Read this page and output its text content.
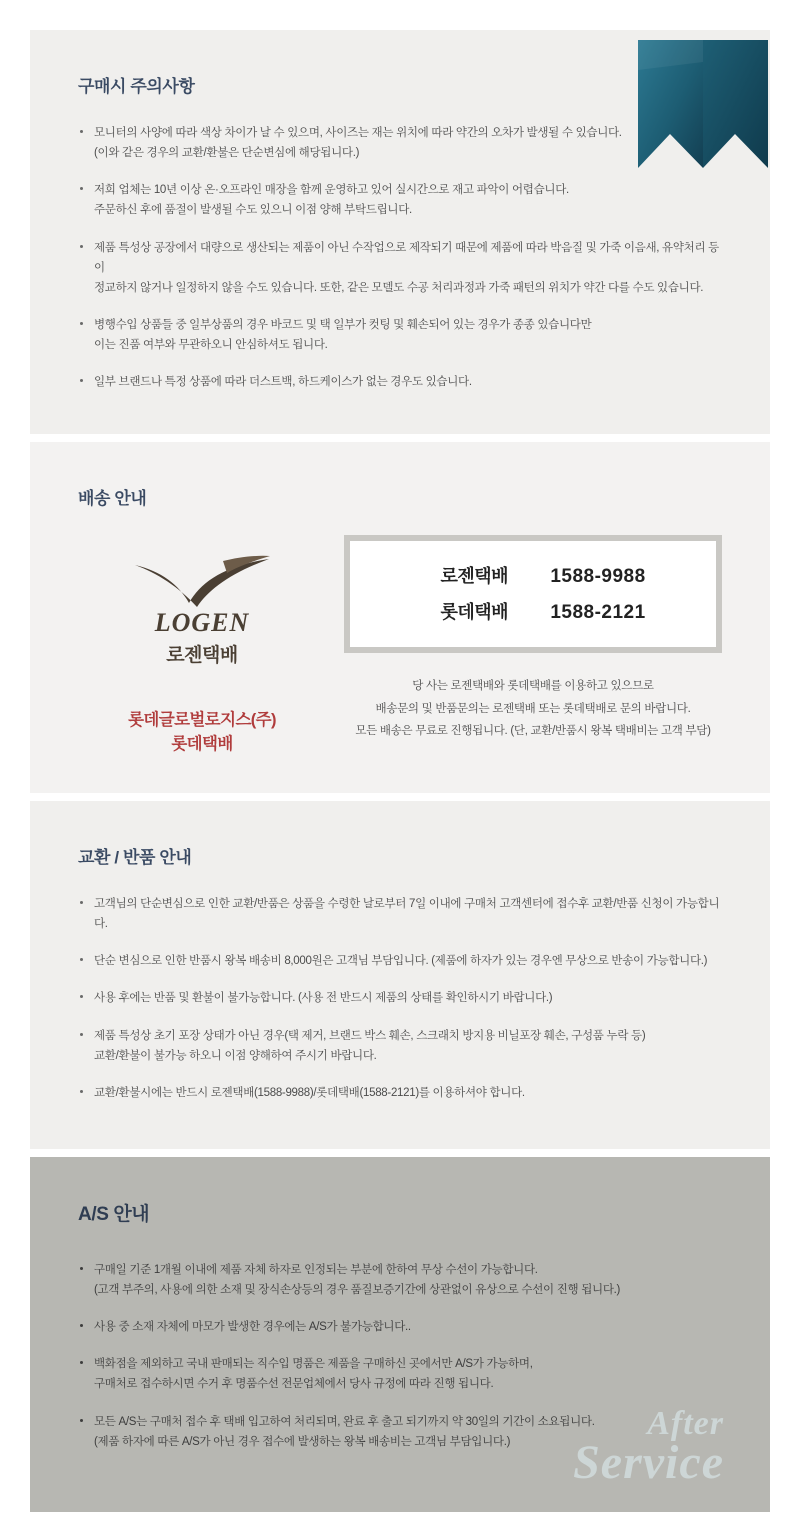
구매시 주의사항
모니터의 사양에 따라 색상 차이가 날 수 있으며, 사이즈는 재는 위치에 따라 약간의 오차가 발생될 수 있습니다.
(이와 같은 경우의 교환/환불은 단순변심에 해당됩니다.)
저희 업체는 10년 이상 온·오프라인 매장을 함께 운영하고 있어 실시간으로 재고 파악이 어렵습니다.
주문하신 후에 품절이 발생될 수도 있으니 이점 양해 부탁드립니다.
제품 특성상 공장에서 대량으로 생산되는 제품이 아닌 수작업으로 제작되기 때문에 제품에 따라 박음질 및 가죽 이음새, 유약처리 등이
정교하지 않거나 일정하지 않을 수도 있습니다. 또한, 같은 모델도 수공 처리과정과 가죽 패턴의 위치가 약간 다를 수도 있습니다.
병행수입 상품들 중 일부상품의 경우 바코드 및 택 일부가 컷팅 및 훼손되어 있는 경우가 종종 있습니다만
이는 진품 여부와 무관하오니 안심하셔도 됩니다.
일부 브랜드나 특정 상품에 따라 더스트백, 하드케이스가 없는 경우도 있습니다.
배송 안내
LOGEN
로젠택배
롯데글로벌로지스(주)
롯데택배
로젠택배	1588-9988
롯데택배	1588-2121
당 사는 로젠택배와 롯데택배를 이용하고 있으므로
배송문의 및 반품문의는 로젠택배 또는 롯데택배로 문의 바랍니다.
모든 배송은 무료로 진행됩니다. (단, 교환/반품시 왕복 택배비는 고객 부담)
교환 / 반품 안내
고객님의 단순변심으로 인한 교환/반품은 상품을 수령한 날로부터 7일 이내에 구매처 고객센터에 접수후 교환/반품 신청이 가능합니다.
단순 변심으로 인한 반품시 왕복 배송비 8,000원은 고객님 부담입니다. (제품에 하자가 있는 경우엔 무상으로 반송이 가능합니다.)
사용 후에는 반품 및 환불이 불가능합니다. (사용 전 반드시 제품의 상태를 확인하시기 바랍니다.)
제품 특성상 초기 포장 상태가 아닌 경우(택 제거, 브랜드 박스 훼손, 스크래치 방지용 비닐포장 훼손, 구성품 누락 등)
교환/환불이 불가능 하오니 이점 양해하여 주시기 바랍니다.
교환/환불시에는 반드시 로젠택배(1588-9988)/롯데택배(1588-2121)를 이용하셔야 합니다.
A/S 안내
구매일 기준 1개월 이내에 제품 자체 하자로 인정되는 부분에 한하여 무상 수선이 가능합니다.
(고객 부주의, 사용에 의한 소재 및 장식손상등의 경우 품질보증기간에 상관없이 유상으로 수선이 진행 됩니다.)
사용 중 소재 자체에 마모가 발생한 경우에는 A/S가 불가능합니다..
백화점을 제외하고 국내 판매되는 직수입 명품은 제품을 구매하신 곳에서만 A/S가 가능하며,
구매처로 접수하시면 수거 후 명품수선 전문업체에서 당사 규정에 따라 진행 됩니다.
모든 A/S는 구매처 접수 후 택배 입고하여 처리되며, 완료 후 출고 되기까지 약 30일의 기간이 소요됩니다.
(제품 하자에 따른 A/S가 아닌 경우 접수에 발생하는 왕복 배송비는 고객님 부담입니다.)	After
Service
